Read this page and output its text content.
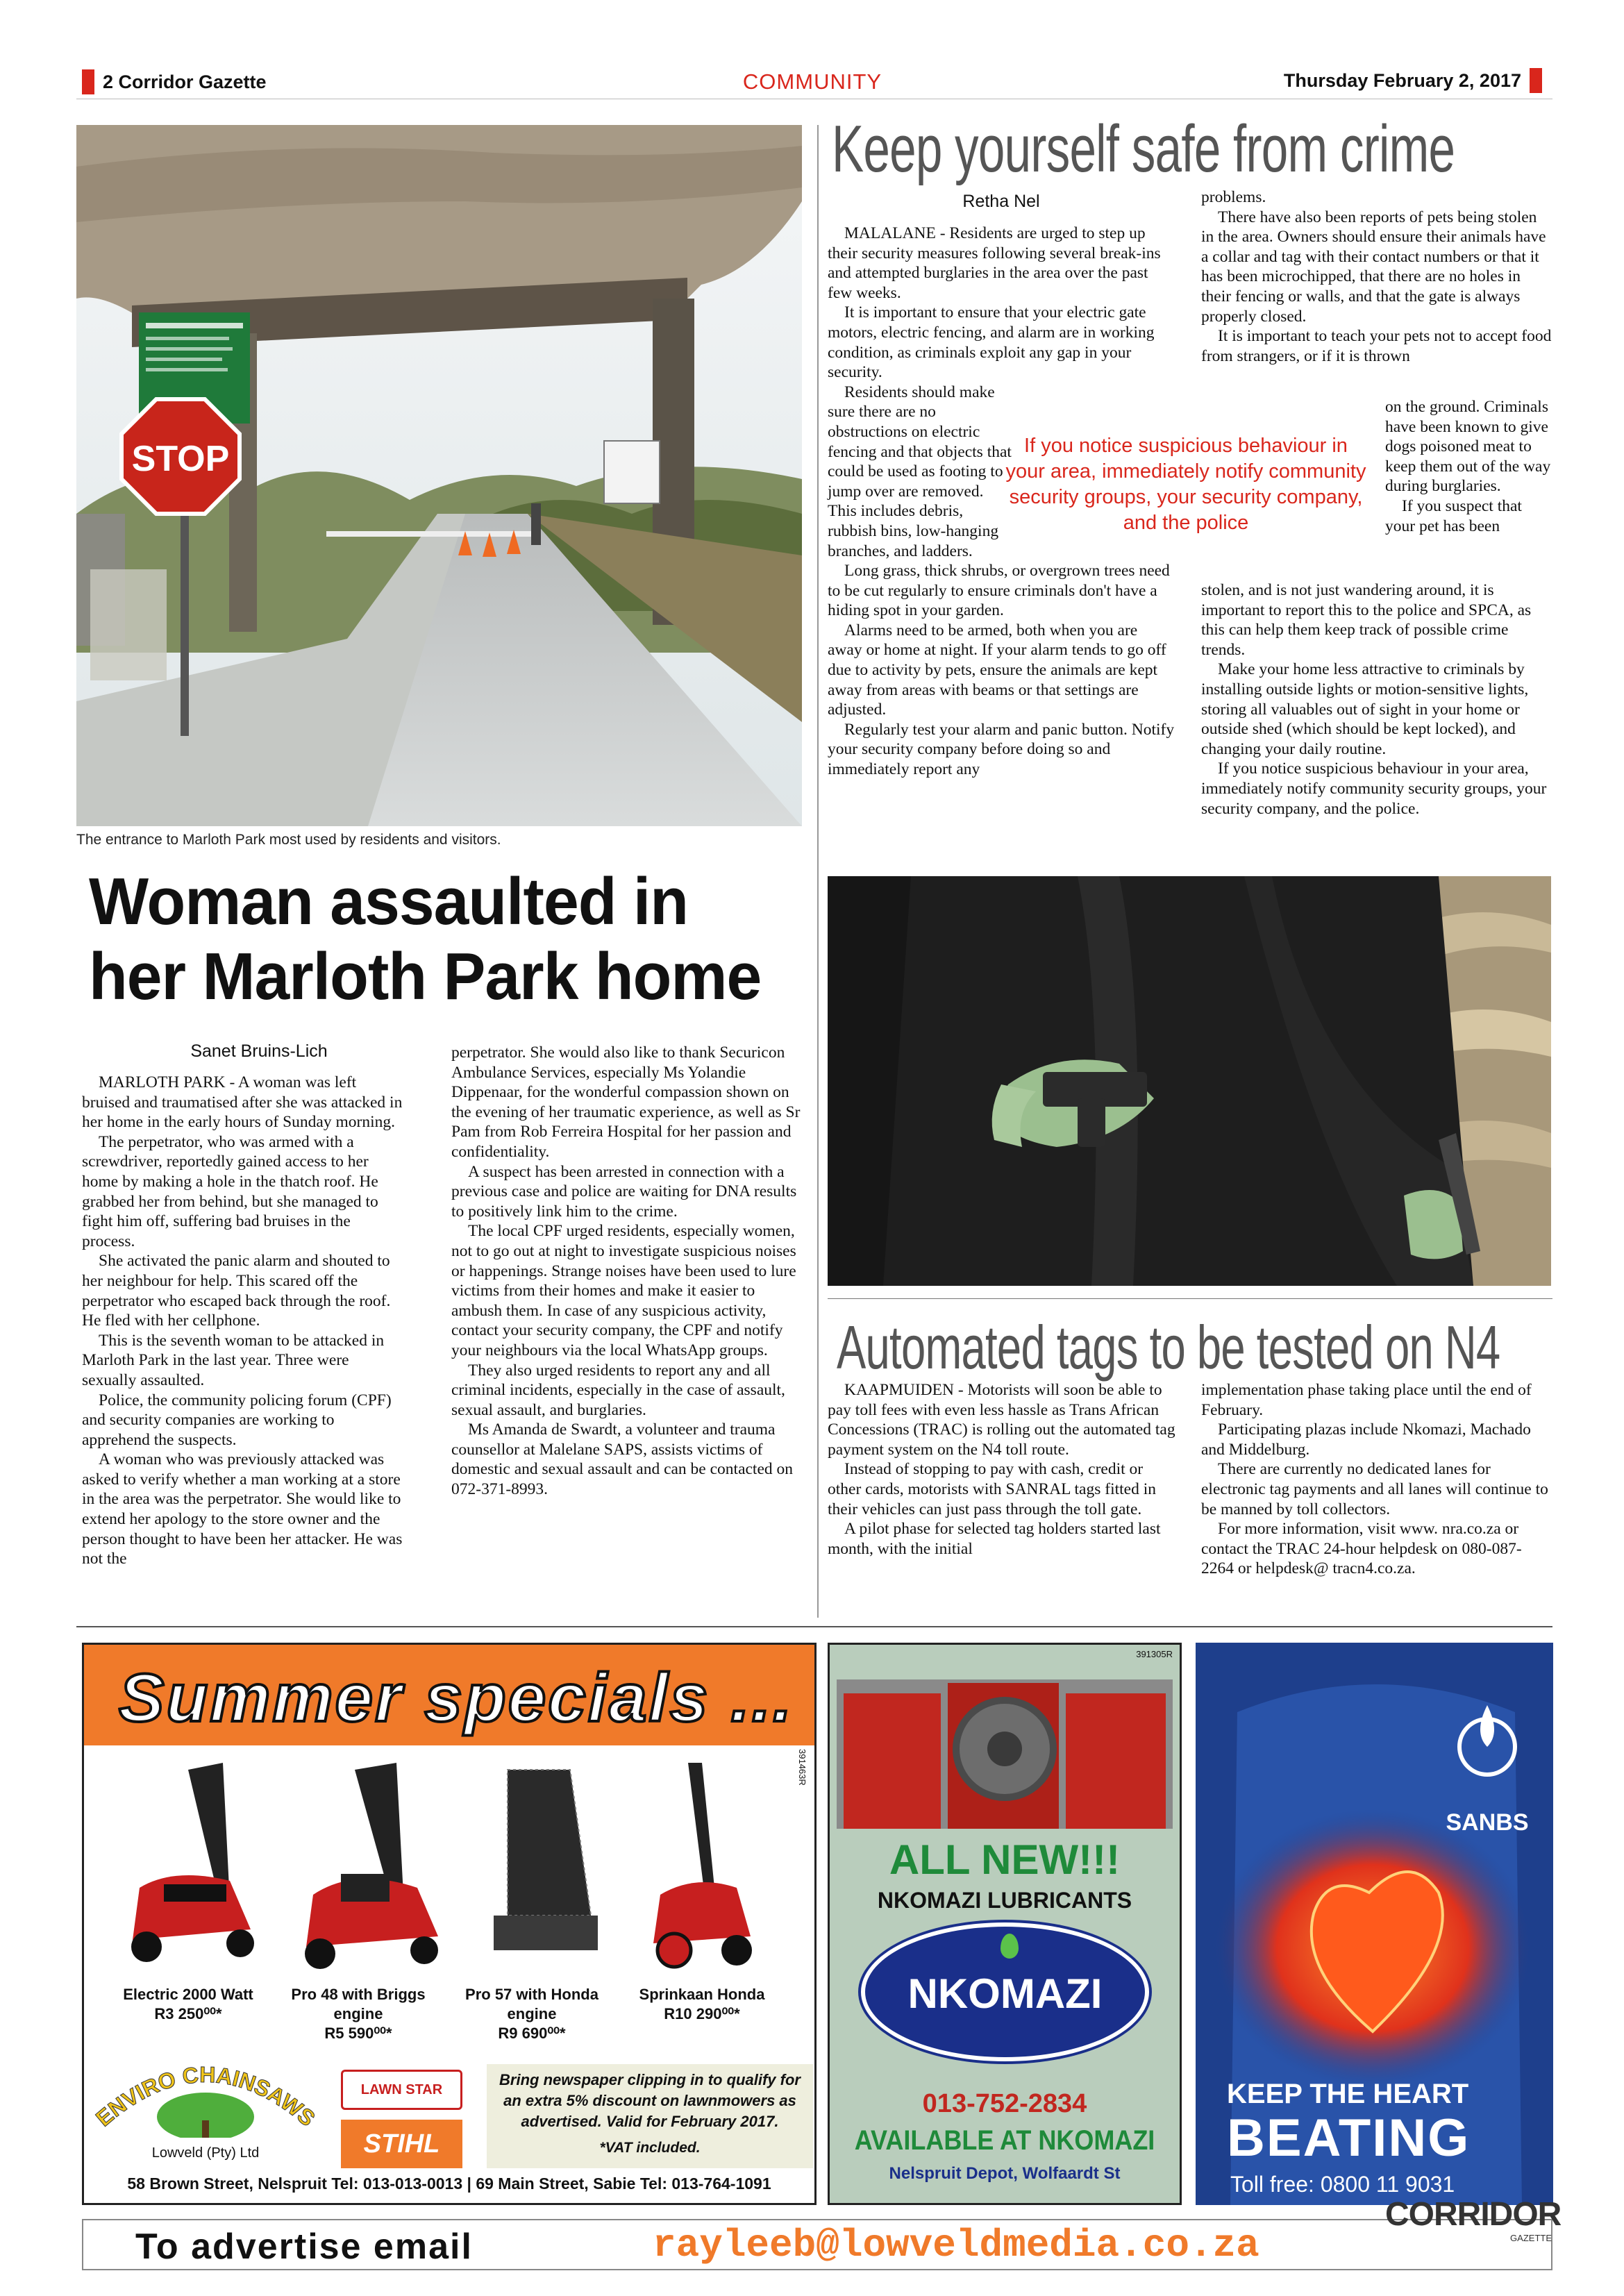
2 Corridor Gazette	COMMUNITY	Thursday February 2, 2017
STOP
The entrance to Marloth Park most used by residents and visitors.
Woman assaulted in
her Marloth Park home
Sanet Bruins-Lich

MARLOTH PARK - A woman was left bruised and traumatised after she was attacked in her home in the early hours of Sunday morning.

The perpetrator, who was armed with a screwdriver, reportedly gained access to her home by making a hole in the thatch roof. He grabbed her from behind, but she managed to fight him off, suffering bad bruises in the process.

She activated the panic alarm and shouted to her neighbour for help. This scared off the perpetrator who escaped back through the roof. He fled with her cellphone.

This is the seventh woman to be attacked in Marloth Park in the last year. Three were sexually assaulted.

Police, the community policing forum (CPF) and security companies are working to apprehend the suspects.

A woman who was previously attacked was asked to verify whether a man working at a store in the area was the perpetrator. She would like to extend her apology to the store owner and the person thought to have been her attacker. He was not the

perpetrator. She would also like to thank Securicon Ambulance Services, especially Ms Yolandie Dippenaar, for the wonderful compassion shown on the evening of her traumatic experience, as well as Sr Pam from Rob Ferreira Hospital for her passion and confidentiality.

A suspect has been arrested in connection with a previous case and police are waiting for DNA results to positively link him to the crime.

The local CPF urged residents, especially women, not to go out at night to investigate suspicious noises or happenings. Strange noises have been used to lure victims from their homes and make it easier to ambush them. In case of any suspicious activity, contact your security company, the CPF and notify your neighbours via the local WhatsApp groups.

They also urged residents to report any and all criminal incidents, especially in the case of assault, sexual assault, and burglaries.

Ms Amanda de Swardt, a volunteer and trauma counsellor at Malelane SAPS, assists victims of domestic and sexual assault and can be contacted on 072-371-8993.

Keep yourself safe from crime
Retha Nel

MALALANE - Residents are urged to step up their security measures following several break-ins and attempted burglaries in the area over the past few weeks.

It is important to ensure that your electric gate motors, electric fencing, and alarm are in working condition, as criminals exploit any gap in your security.

Residents should make sure there are no obstructions on electric fencing and that objects that could be used as footing to jump over are removed. This includes debris, rubbish bins, low-hanging branches, and ladders.

Long grass, thick shrubs, or overgrown trees need to be cut regularly to ensure criminals don't have a hiding spot in your garden.

Alarms need to be armed, both when you are away or home at night. If your alarm tends to go off due to activity by pets, ensure the animals are kept away from areas with beams or that settings are adjusted.

Regularly test your alarm and panic button. Notify your security company before doing so and immediately report any

If you notice suspicious behaviour in your area, immediately notify community security groups, your security company, and the police

problems.

There have also been reports of pets being stolen in the area. Owners should ensure their animals have a collar and tag with their contact numbers or that it has been microchipped, that there are no holes in their fencing or walls, and that the gate is always properly closed.

It is important to teach your pets not to accept food from strangers, or if it is thrown

on the ground. Criminals have been known to give dogs poisoned meat to keep them out of the way during burglaries.

If you suspect that your pet has been

stolen, and is not just wandering around, it is important to report this to the police and SPCA, as this can help them keep track of possible crime trends.

Make your home less attractive to criminals by installing outside lights or motion-sensitive lights, storing all valuables out of sight in your home or outside shed (which should be kept locked), and changing your daily routine.

If you notice suspicious behaviour in your area, immediately notify community security groups, your security company, and the police.

Automated tags to be tested on N4

KAAPMUIDEN - Motorists will soon be able to pay toll fees with even less hassle as Trans African Concessions (TRAC) is rolling out the automated tag payment system on the N4 toll route.

Instead of stopping to pay with cash, credit or other cards, motorists with SANRAL tags fitted in their vehicles can just pass through the toll gate.

A pilot phase for selected tag holders started last month, with the initial

implementation phase taking place until the end of February.

Participating plazas include Nkomazi, Machado and Middelburg.

There are currently no dedicated lanes for electronic tag payments and all lanes will continue to be manned by toll collectors.

For more information, visit www. nra.co.za or contact the TRAC 24-hour helpdesk on 080-087-2264 or helpdesk@ tracn4.co.za.

Summer specials ...
391463R
Electric 2000 Watt
R3 250⁰⁰*
Pro 48 with Briggs engine
R5 590⁰⁰*
Pro 57 with Honda engine
R9 690⁰⁰*
Sprinkaan Honda
R10 290⁰⁰*
NVIRO CHAINSAW
Lowveld (Pty) Ltd
LAWN STAR
STIHL
Bring newspaper clipping in to qualify for an extra 5% discount on lawnmowers as advertised. Valid for February 2017.
*VAT included.
58 Brown Street, Nelspruit Tel: 013-013-0013 | 69 Main Street, Sabie Tel: 013-764-1091
391305R
ALL NEW!!!
NKOMAZI LUBRICANTS
NKOMAZI
013-752-2834
AVAILABLE AT NKOMAZI
Nelspruit Depot, Wolfaardt St
SANBS
KEEP THE HEART
BEATING
Toll free: 0800 11 9031
To advertise email	rayleeb@lowveldmedia.co.za
CORRIDOR
GAZETTE
